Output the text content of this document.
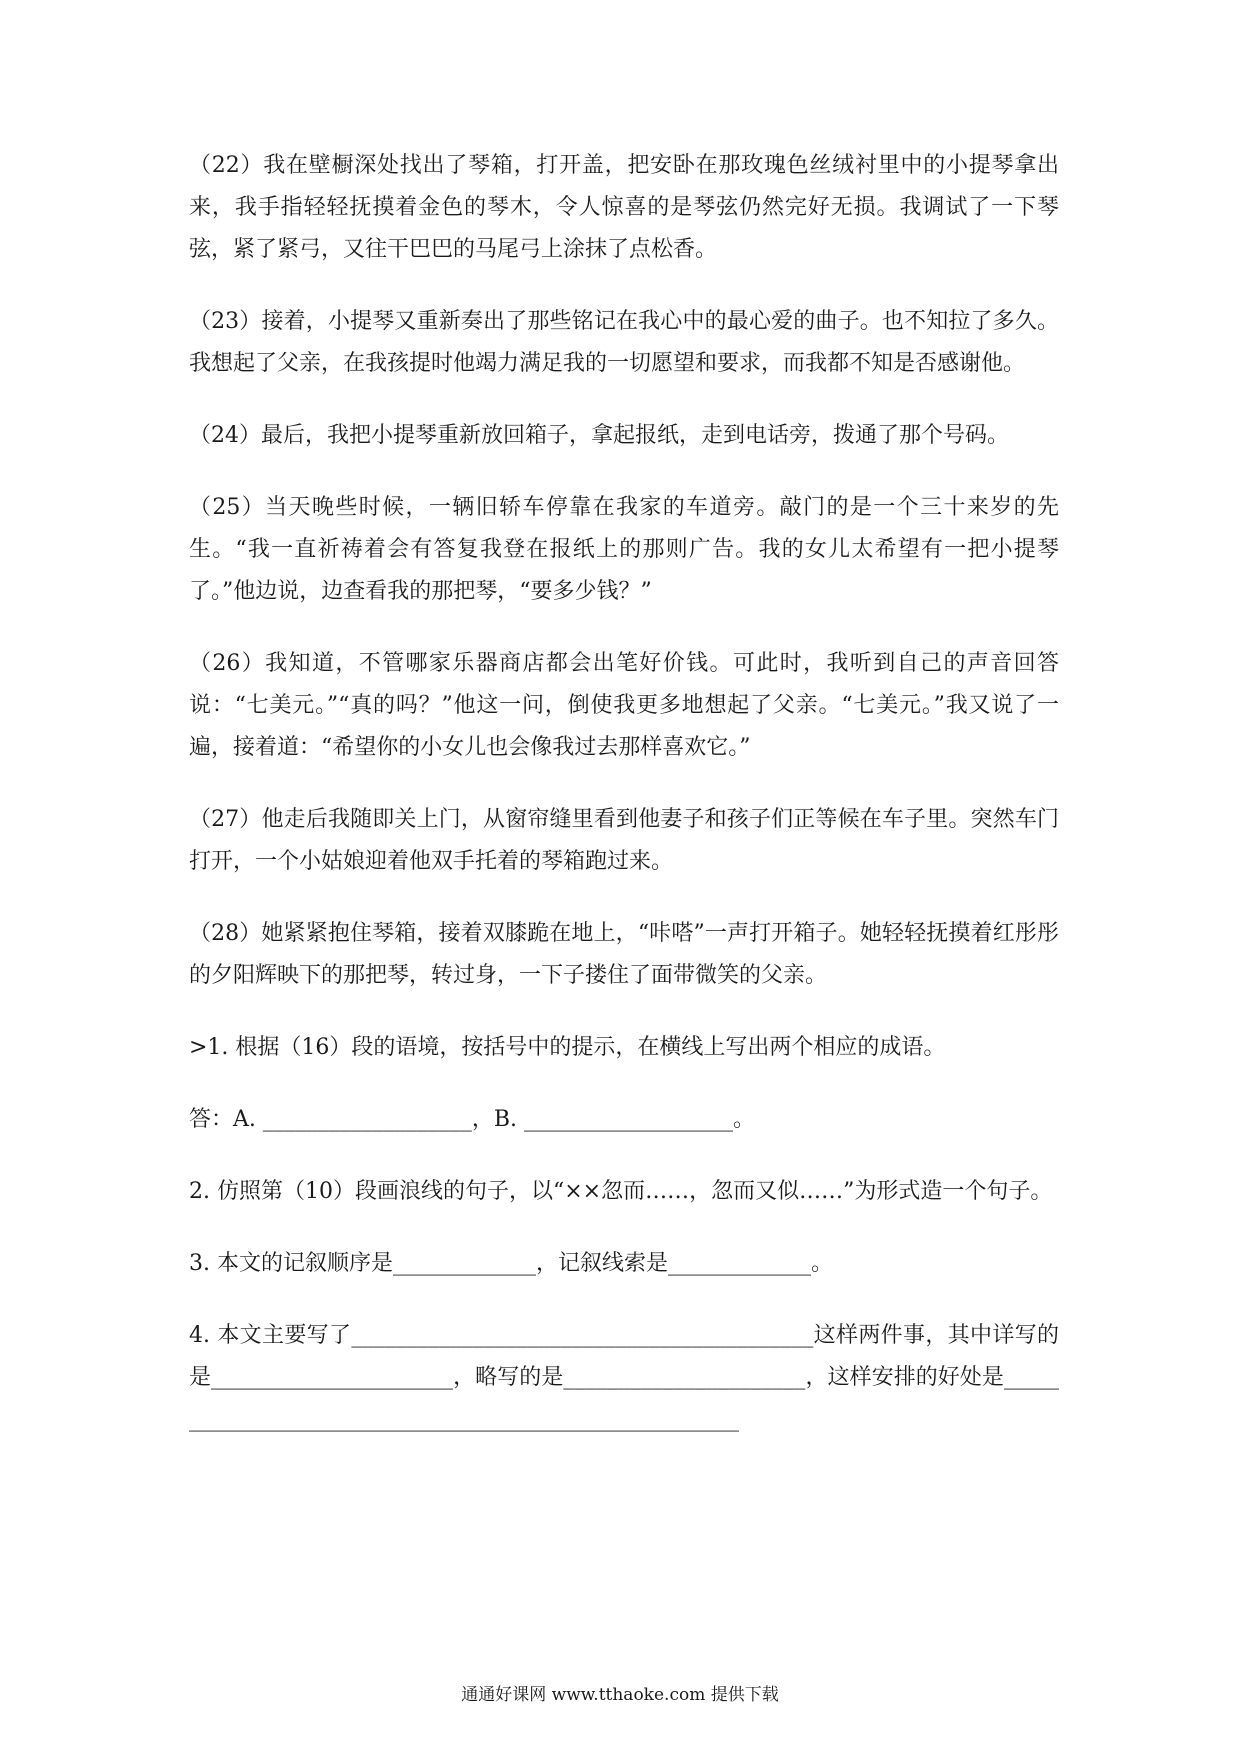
（22）我在壁橱深处找出了琴箱，打开盖，把安卧在那玫瑰色丝绒衬里中的小提琴拿出来，我手指轻轻抚摸着金色的琴木，令人惊喜的是琴弦仍然完好无损。我调试了一下琴弦，紧了紧弓，又往干巴巴的马尾弓上涂抹了点松香。

（23）接着，小提琴又重新奏出了那些铭记在我心中的最心爱的曲子。也不知拉了多久。我想起了父亲，在我孩提时他竭力满足我的一切愿望和要求，而我都不知是否感谢他。

（24）最后，我把小提琴重新放回箱子，拿起报纸，走到电话旁，拨通了那个号码。

（25）当天晚些时候，一辆旧轿车停靠在我家的车道旁。敲门的是一个三十来岁的先生。“我一直祈祷着会有答复我登在报纸上的那则广告。我的女儿太希望有一把小提琴了。”他边说，边查看我的那把琴，“要多少钱？”

（26）我知道，不管哪家乐器商店都会出笔好价钱。可此时，我听到自己的声音回答说：“七美元。”“真的吗？”他这一问，倒使我更多地想起了父亲。“七美元。”我又说了一遍，接着道：“希望你的小女儿也会像我过去那样喜欢它。”

（27）他走后我随即关上门，从窗帘缝里看到他妻子和孩子们正等候在车子里。突然车门打开，一个小姑娘迎着他双手托着的琴箱跑过来。

（28）她紧紧抱住琴箱，接着双膝跪在地上，“咔嗒”一声打开箱子。她轻轻抚摸着红彤彤的夕阳辉映下的那把琴，转过身，一下子搂住了面带微笑的父亲。

>1. 根据（16）段的语境，按括号中的提示，在横线上写出两个相应的成语。

答：A. ___________________，B. ___________________。

2. 仿照第（10）段画浪线的句子，以“××忽而……，忽而又似……”为形式造一个句子。

3. 本文的记叙顺序是_____________，记叙线索是_____________。

4. 本文主要写了__________________________________________这样两件事，其中详写的是______________________，略写的是______________________，这样安排的好处是_______________________________________________________

通通好课网 www.tthaoke.com 提供下载
